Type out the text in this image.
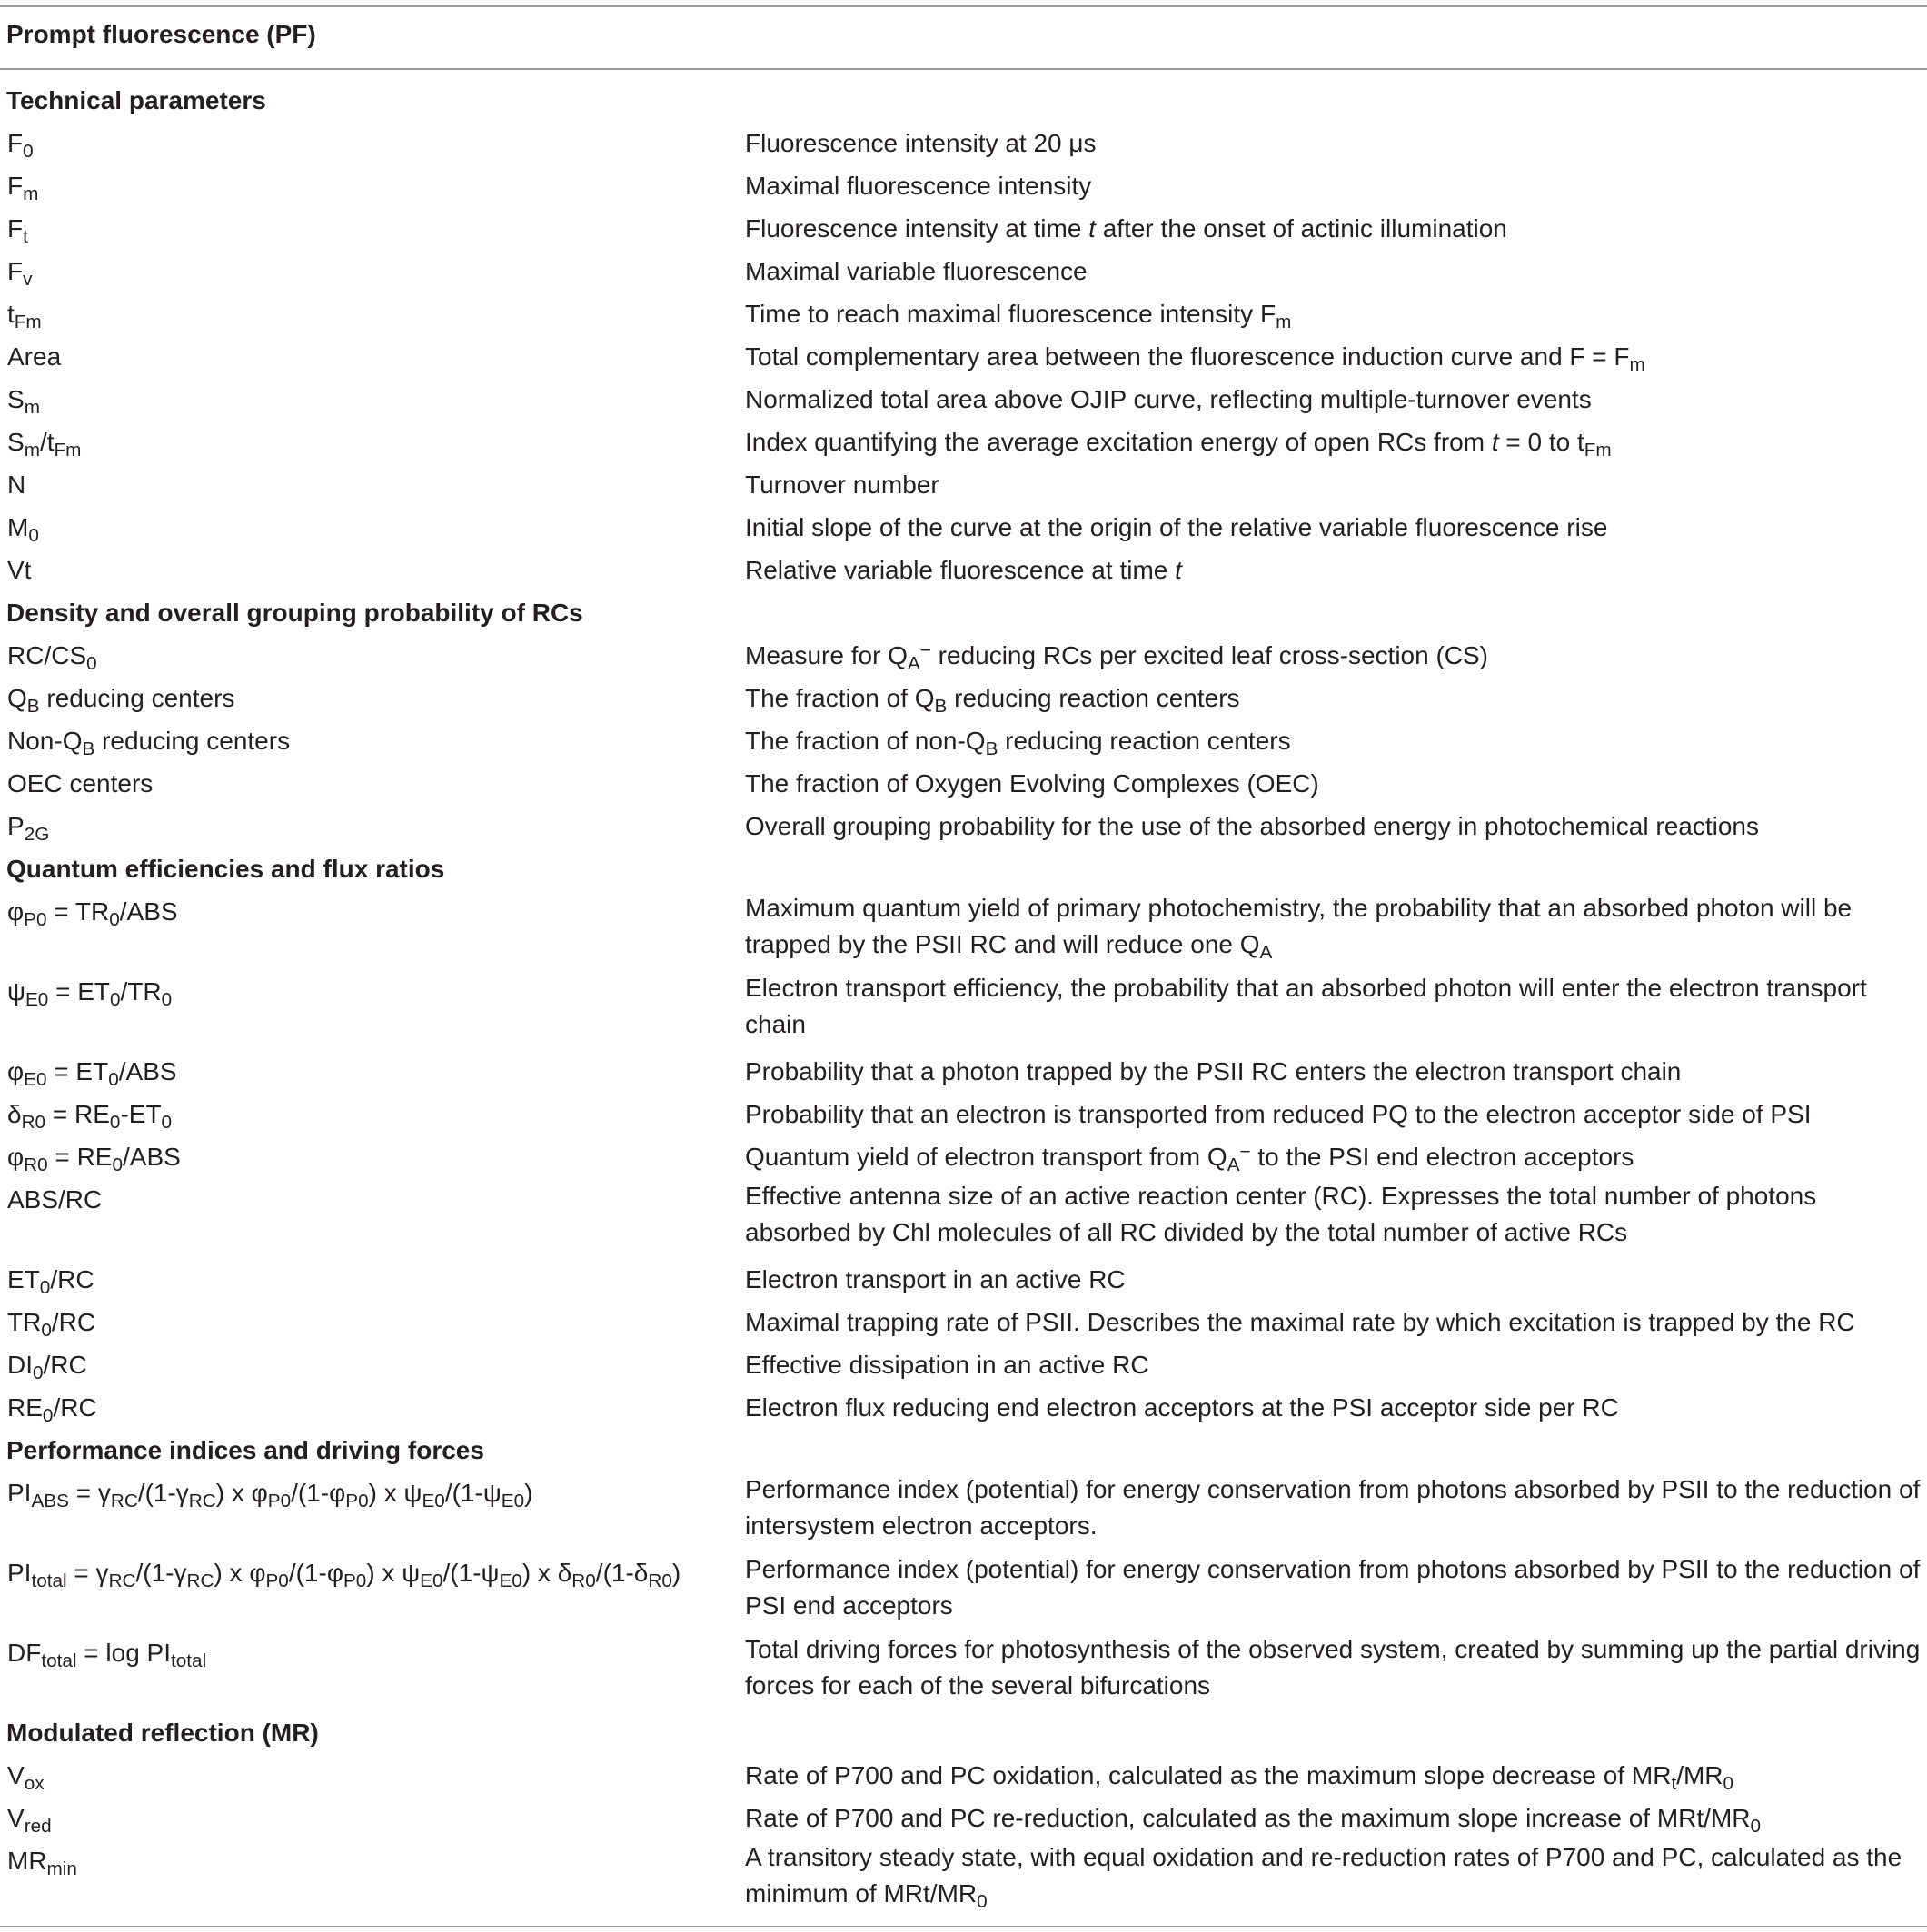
Prompt fluorescence (PF)
Technical parameters
$F_0$	Fluorescence intensity at 20 μs
$F_m$	Maximal fluorescence intensity
$F_t$	Fluorescence intensity at time t after the onset of actinic illumination
$F_v$	Maximal variable fluorescence
$t_{Fm}$	Time to reach maximal fluorescence intensity $F_m$
Area	Total complementary area between the fluorescence induction curve and $F = F_m$
$S_m$	Normalized total area above OJIP curve, reflecting multiple-turnover events
$S_m/t_{Fm}$	Index quantifying the average excitation energy of open RCs from t = 0 to $t_{Fm}$
N	Turnover number
$M_0$	Initial slope of the curve at the origin of the relative variable fluorescence rise
Vt	Relative variable fluorescence at time t
Density and overall grouping probability of RCs
$RC/CS_0$	Measure for $Q_A^-$ reducing RCs per excited leaf cross-section (CS)
$Q_B$ reducing centers	The fraction of $Q_B$ reducing reaction centers
Non-$Q_B$ reducing centers	The fraction of non-$Q_B$ reducing reaction centers
OEC centers	The fraction of Oxygen Evolving Complexes (OEC)
$P_{2G}$	Overall grouping probability for the use of the absorbed energy in photochemical reactions
Quantum efficiencies and flux ratios
$\varphi_{P0} = TR_0/ABS$	Maximum quantum yield of primary photochemistry, the probability that an absorbed photon will be trapped by the PSII RC and will reduce one $Q_A$
$\psi_{E0} = ET_0/TR_0$	Electron transport efficiency, the probability that an absorbed photon will enter the electron transport chain
$\varphi_{E0} = ET_0/ABS$	Probability that a photon trapped by the PSII RC enters the electron transport chain
$\delta_{R0} = RE_0-ET_0$	Probability that an electron is transported from reduced PQ to the electron acceptor side of PSI
$\varphi_{R0} = RE_0/ABS$	Quantum yield of electron transport from $Q_A^-$ to the PSI end electron acceptors
ABS/RC	Effective antenna size of an active reaction center (RC). Expresses the total number of photons absorbed by Chl molecules of all RC divided by the total number of active RCs
$ET_0/RC$	Electron transport in an active RC
$TR_0/RC$	Maximal trapping rate of PSII. Describes the maximal rate by which excitation is trapped by the RC
$DI_0/RC$	Effective dissipation in an active RC
$RE_0/RC$	Electron flux reducing end electron acceptors at the PSI acceptor side per RC
Performance indices and driving forces
$PI_{ABS} = \gamma_{RC}/(1-\gamma_{RC})$ x $\varphi_{P0}/(1-\varphi_{P0})$ x $\psi_{E0}/(1-\psi_{E0})$	Performance index (potential) for energy conservation from photons absorbed by PSII to the reduction of intersystem electron acceptors.
$PI_{total} = \gamma_{RC}/(1-\gamma_{RC})$ x $\varphi_{P0}/(1-\varphi_{P0})$ x $\psi_{E0}/(1-\psi_{E0})$ x $\delta_{R0}/(1-\delta_{R0})$	Performance index (potential) for energy conservation from photons absorbed by PSII to the reduction of PSI end acceptors
$DF_{total} = \log PI_{total}$	Total driving forces for photosynthesis of the observed system, created by summing up the partial driving forces for each of the several bifurcations
Modulated reflection (MR)
$V_{ox}$	Rate of P700 and PC oxidation, calculated as the maximum slope decrease of $MR_t/MR_0$
$V_{red}$	Rate of P700 and PC re-reduction, calculated as the maximum slope increase of MRt/$MR_0$
$MR_{min}$	A transitory steady state, with equal oxidation and re-reduction rates of P700 and PC, calculated as the minimum of MRt/$MR_0$
